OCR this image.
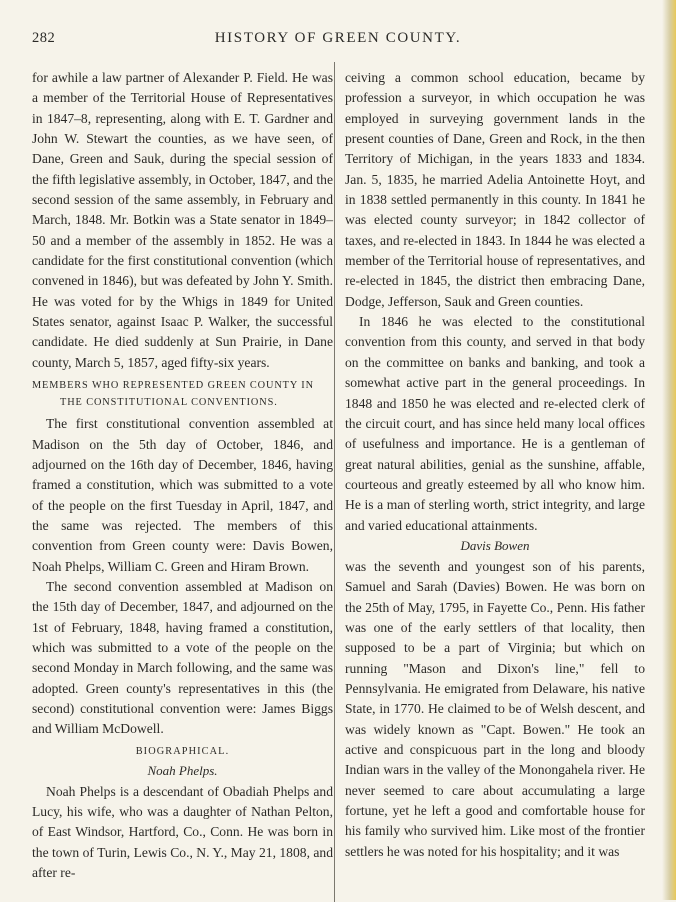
282	HISTORY OF GREEN COUNTY.

for awhile a law partner of Alexander P. Field. He was a member of the Territorial House of Representatives in 1847–8, representing, along with E. T. Gardner and John W. Stewart the counties, as we have seen, of Dane, Green and Sauk, during the special session of the fifth legislative assembly, in October, 1847, and the second session of the same assembly, in February and March, 1848. Mr. Botkin was a State senator in 1849–50 and a member of the assembly in 1852. He was a candidate for the first constitutional convention (which convened in 1846), but was defeated by John Y. Smith. He was voted for by the Whigs in 1849 for United States senator, against Isaac P. Walker, the successful candidate. He died suddenly at Sun Prairie, in Dane county, March 5, 1857, aged fifty-six years.

MEMBERS WHO REPRESENTED GREEN COUNTY IN
THE CONSTITUTIONAL CONVENTIONS.

The first constitutional convention assembled at Madison on the 5th day of October, 1846, and adjourned on the 16th day of December, 1846, having framed a constitution, which was submitted to a vote of the people on the first Tuesday in April, 1847, and the same was rejected. The members of this convention from Green county were: Davis Bowen, Noah Phelps, William C. Green and Hiram Brown.

The second convention assembled at Madison on the 15th day of December, 1847, and adjourned on the 1st of February, 1848, having framed a constitution, which was submitted to a vote of the people on the second Monday in March following, and the same was adopted. Green county's representatives in this (the second) constitutional convention were: James Biggs and William McDowell.

BIOGRAPHICAL.
Noah Phelps.

Noah Phelps is a descendant of Obadiah Phelps and Lucy, his wife, who was a daughter of Nathan Pelton, of East Windsor, Hartford, Co., Conn. He was born in the town of Turin, Lewis Co., N. Y., May 21, 1808, and after re-

ceiving a common school education, became by profession a surveyor, in which occupation he was employed in surveying government lands in the present counties of Dane, Green and Rock, in the then Territory of Michigan, in the years 1833 and 1834. Jan. 5, 1835, he married Adelia Antoinette Hoyt, and in 1838 settled permanently in this county. In 1841 he was elected county surveyor; in 1842 collector of taxes, and re-elected in 1843. In 1844 he was elected a member of the Territorial house of representatives, and re-elected in 1845, the district then embracing Dane, Dodge, Jefferson, Sauk and Green counties.

In 1846 he was elected to the constitutional convention from this county, and served in that body on the committee on banks and banking, and took a somewhat active part in the general proceedings. In 1848 and 1850 he was elected and re-elected clerk of the circuit court, and has since held many local offices of usefulness and importance. He is a gentleman of great natural abilities, genial as the sunshine, affable, courteous and greatly esteemed by all who know him. He is a man of sterling worth, strict integrity, and large and varied educational attainments.

Davis Bowen

was the seventh and youngest son of his parents, Samuel and Sarah (Davies) Bowen. He was born on the 25th of May, 1795, in Fayette Co., Penn. His father was one of the early settlers of that locality, then supposed to be a part of Virginia; but which on running "Mason and Dixon's line," fell to Pennsylvania. He emigrated from Delaware, his native State, in 1770. He claimed to be of Welsh descent, and was widely known as "Capt. Bowen." He took an active and conspicuous part in the long and bloody Indian wars in the valley of the Monongahela river. He never seemed to care about accumulating a large fortune, yet he left a good and comfortable house for his family who survived him. Like most of the frontier settlers he was noted for his hospitality; and it was
